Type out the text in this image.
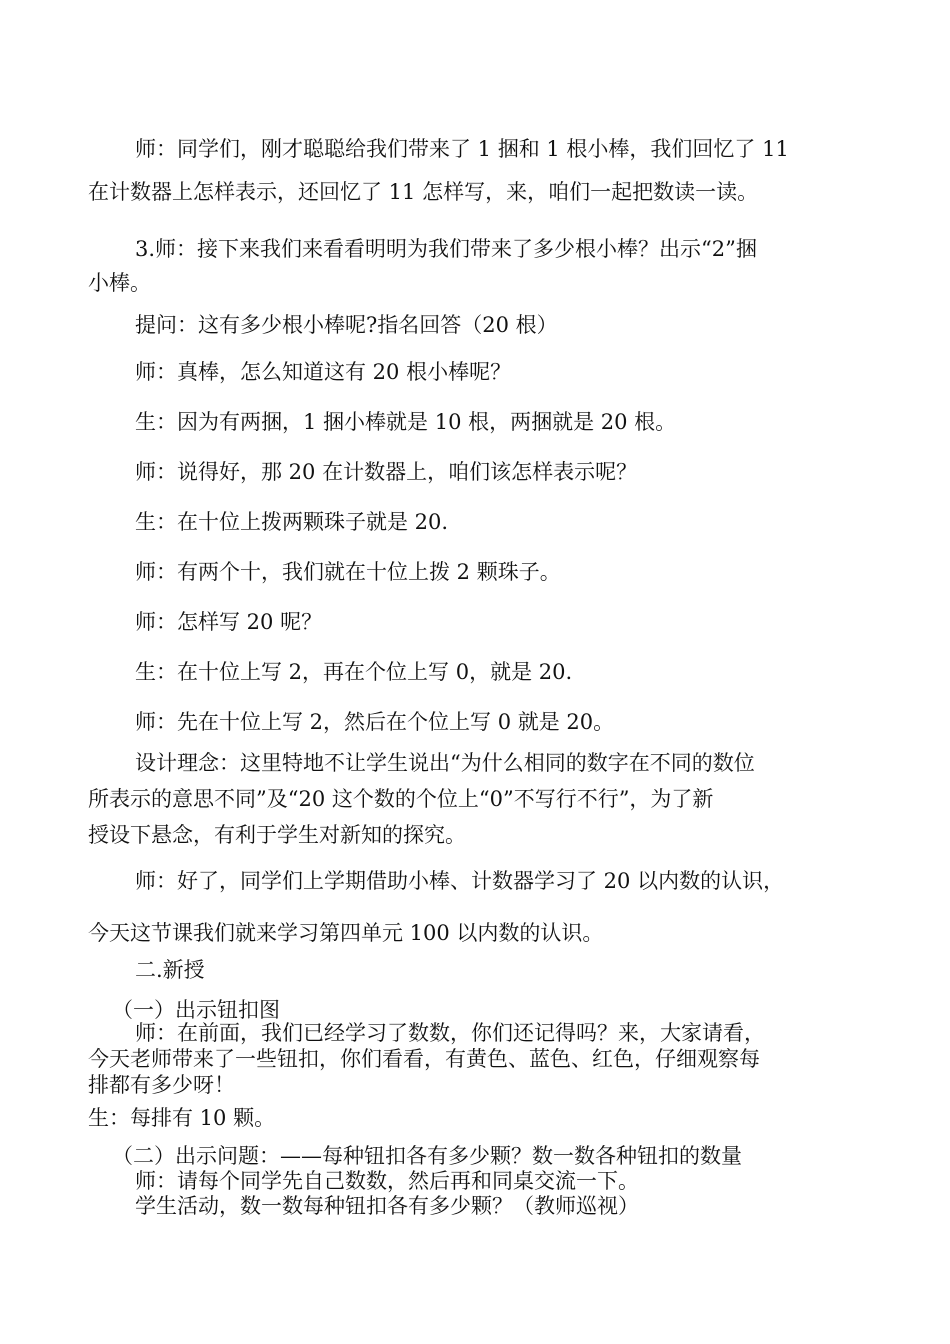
师：同学们，刚才聪聪给我们带来了 1 捆和 1 根小棒，我们回忆了 11
在计数器上怎样表示，还回忆了 11 怎样写，来，咱们一起把数读一读。
3.师：接下来我们来看看明明为我们带来了多少根小棒？出示“2”捆
小棒。
提问：这有多少根小棒呢?指名回答（20 根）
师：真棒，怎么知道这有 20 根小棒呢？
生：因为有两捆，1 捆小棒就是 10 根，两捆就是 20 根。
师：说得好，那 20 在计数器上，咱们该怎样表示呢？
生：在十位上拨两颗珠子就是 20.
师：有两个十，我们就在十位上拨 2 颗珠子。
师：怎样写 20 呢？
生：在十位上写 2，再在个位上写 0，就是 20.
师：先在十位上写 2，然后在个位上写 0 就是 20。
设计理念：这里特地不让学生说出“为什么相同的数字在不同的数位
所表示的意思不同”及“20 这个数的个位上“0”不写行不行”，为了新
授设下悬念，有利于学生对新知的探究。
师：好了，同学们上学期借助小棒、计数器学习了 20 以内数的认识，
今天这节课我们就来学习第四单元 100 以内数的认识。
二.新授
（一）出示钮扣图
师：在前面，我们已经学习了数数，你们还记得吗？来，大家请看，
今天老师带来了一些钮扣，你们看看，有黄色、蓝色、红色，仔细观察每
排都有多少呀！
生：每排有 10 颗。
（二）出示问题：——每种钮扣各有多少颗？数一数各种钮扣的数量
师：请每个同学先自己数数，然后再和同桌交流一下。
学生活动，数一数每种钮扣各有多少颗？（教师巡视）
